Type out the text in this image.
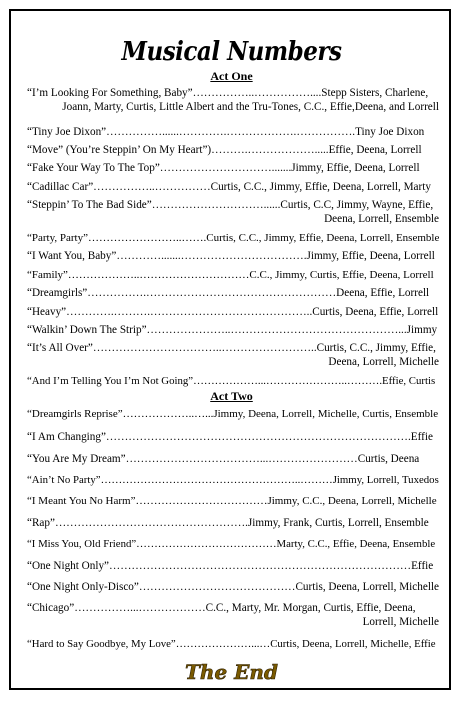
Musical Numbers
Act One
“I’m Looking For Something, Baby”……………..……………....Stepp Sisters, Charlene,
Joann, Marty, Curtis, Little Albert and the Tru-Tones, C.C., Effie,Deena, and Lorrell
“Tiny Joe Dixon”……………......………….……………….…………….Tiny Joe Dixon
“Move” (You’re Steppin’ On My Heart”)……….……………….....Effie, Deena, Lorrell
“Fake Your Way To The Top”………………………….......Jimmy, Effie, Deena, Lorrell
“Cadillac Car”……………..……………Curtis, C.C., Jimmy, Effie, Deena, Lorrell, Marty
“Steppin’ To The Bad Side”…………………………......Curtis, C.C, Jimmy, Wayne, Effie,
Deena, Lorrell, Ensemble
“Party, Party”……………………..…….Curtis, C.C., Jimmy, Effie, Deena, Lorrell, Ensemble
“I Want You, Baby”………….......…………………………….Jimmy, Effie, Deena, Lorrell
“Family”………………..…………………………C.C., Jimmy, Curtis, Effie, Deena, Lorrell
“Dreamgirls”…………….……………………………………………Deena, Effie, Lorrell
“Heavy”………….……….……………………………………..Curtis, Deena, Effie, Lorrell
“Walkin’ Down The Strip”…………………..………………………………………...Jimmy
“It’s All Over”……………………………..……………………..Curtis, C.C., Jimmy, Effie,
Deena, Lorrell, Michelle
“And I’m Telling You I’m Not Going”………………...…………………..……….Effie, Curtis
Act Two
“Dreamgirls Reprise”………………..…...Jimmy, Deena, Lorrell, Michelle, Curtis, Ensemble
“I Am Changing”……………………………………………………………………….Effie
“You Are My Dream”………………………………...……………………Curtis, Deena
“Ain’t No Party”………………………………………………..………Jimmy, Lorrell, Tuxedos
“I Meant You No Harm”………………………………Jimmy, C.C., Deena, Lorrell, Michelle
“Rap”…………………………………………….Jimmy, Frank, Curtis, Lorrell, Ensemble
“I Miss You, Old Friend”…………………………………Marty, C.C., Effie, Deena, Ensemble
“One Night Only”………………………………………………………………………Effie
“One Night Only-Disco”……………………………………Curtis, Deena, Lorrell, Michelle
“Chicago”……………...………………C.C., Marty, Mr. Morgan, Curtis, Effie, Deena,
Lorrell, Michelle
“Hard to Say Goodbye, My Love”…………………...…Curtis, Deena, Lorrell, Michelle, Effie
The End
